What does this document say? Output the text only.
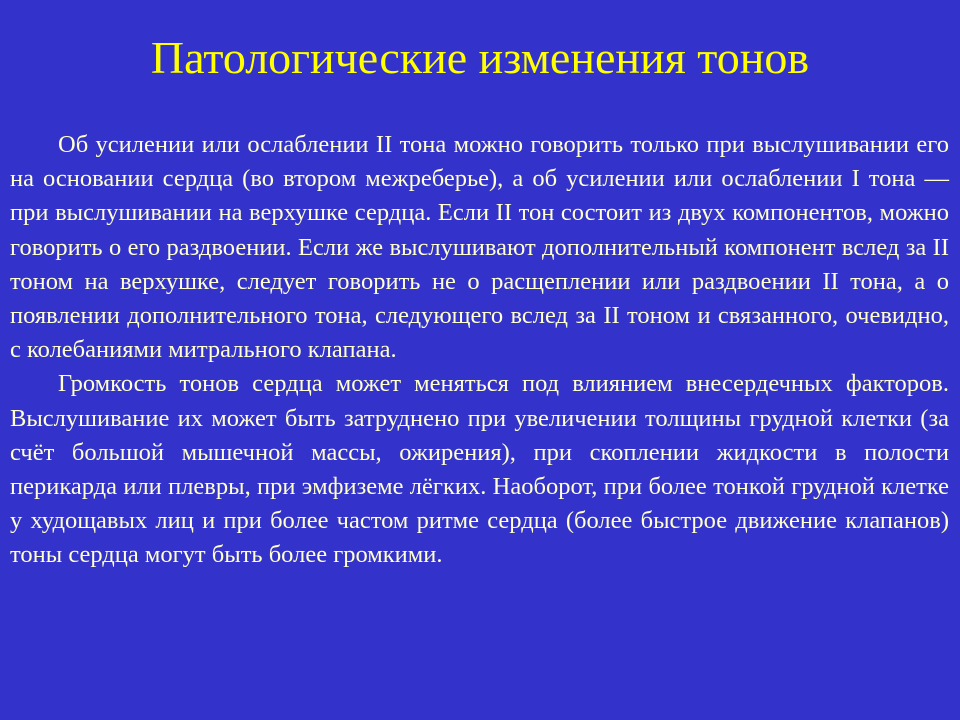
Патологические изменения тонов

Об усилении или ослаблении II тона можно говорить только при выслушивании его на основании сердца (во втором межреберье), а об усилении или ослаблении I тона — при выслушивании на верхушке сердца. Если II тон состоит из двух компонентов, можно говорить о его раздвоении. Если же выслушивают дополнительный компонент вслед за II тоном на верхушке, следует говорить не о расщеплении или раздвоении II тона, а о появлении дополнительного тона, следующего вслед за II тоном и связанного, очевидно, с колебаниями митрального клапана.

Громкость тонов сердца может меняться под влиянием внесердечных факторов. Выслушивание их может быть затруднено при увеличении толщины грудной клетки (за счёт большой мышечной массы, ожирения), при скоплении жидкости в полости перикарда или плевры, при эмфиземе лёгких. Наоборот, при более тонкой грудной клетке у худощавых лиц и при более частом ритме сердца (более быстрое движение клапанов) тоны сердца могут быть более громкими.
